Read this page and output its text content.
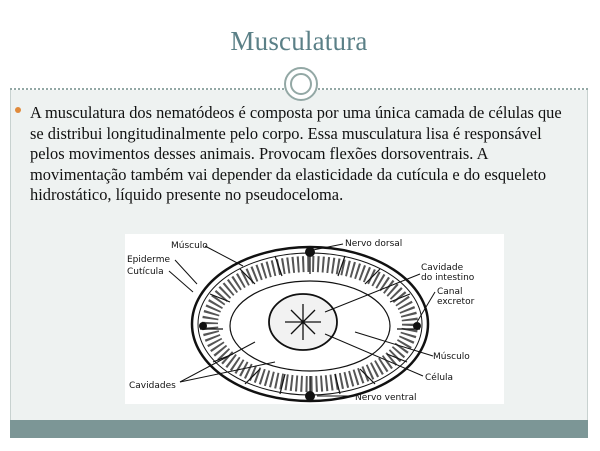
Musculatura
A musculatura dos nematódeos é composta por uma única camada de células que se distribui longitudinalmente pelo corpo. Essa musculatura lisa é responsável pelos movimentos desses animais. Provocam flexões dorsoventrais. A movimentação também vai depender da elasticidade da cutícula e do esqueleto hidrostático, líquido presente no pseudoceloma.
Músculo
Epiderme
Cutícula
Nervo dorsal
Cavidade
do intestino
Canal
excretor
Músculo
Célula
Cavidades
Nervo ventral
